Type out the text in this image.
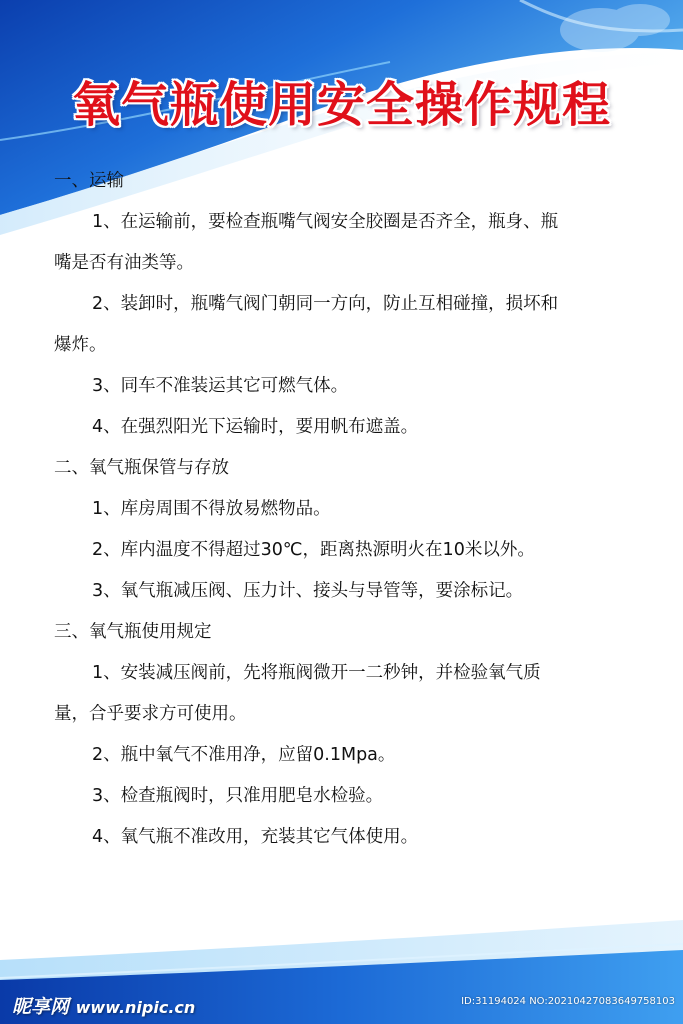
氧气瓶使用安全操作规程
一、运输
1、在运输前，要检查瓶嘴气阀安全胶圈是否齐全，瓶身、瓶
嘴是否有油类等。
2、装卸时，瓶嘴气阀门朝同一方向，防止互相碰撞，损坏和
爆炸。
3、同车不准装运其它可燃气体。
4、在强烈阳光下运输时，要用帆布遮盖。
二、氧气瓶保管与存放
1、库房周围不得放易燃物品。
2、库内温度不得超过30℃，距离热源明火在10米以外。
3、氧气瓶减压阀、压力计、接头与导管等，要涂标记。
三、氧气瓶使用规定
1、安装减压阀前，先将瓶阀微开一二秒钟，并检验氧气质
量，合乎要求方可使用。
2、瓶中氧气不准用净，应留0.1Mpa。
3、检查瓶阀时，只准用肥皂水检验。
4、氧气瓶不准改用，充装其它气体使用。
昵享网 www.nipic.cn	ID:31194024 NO:20210427083649758103
